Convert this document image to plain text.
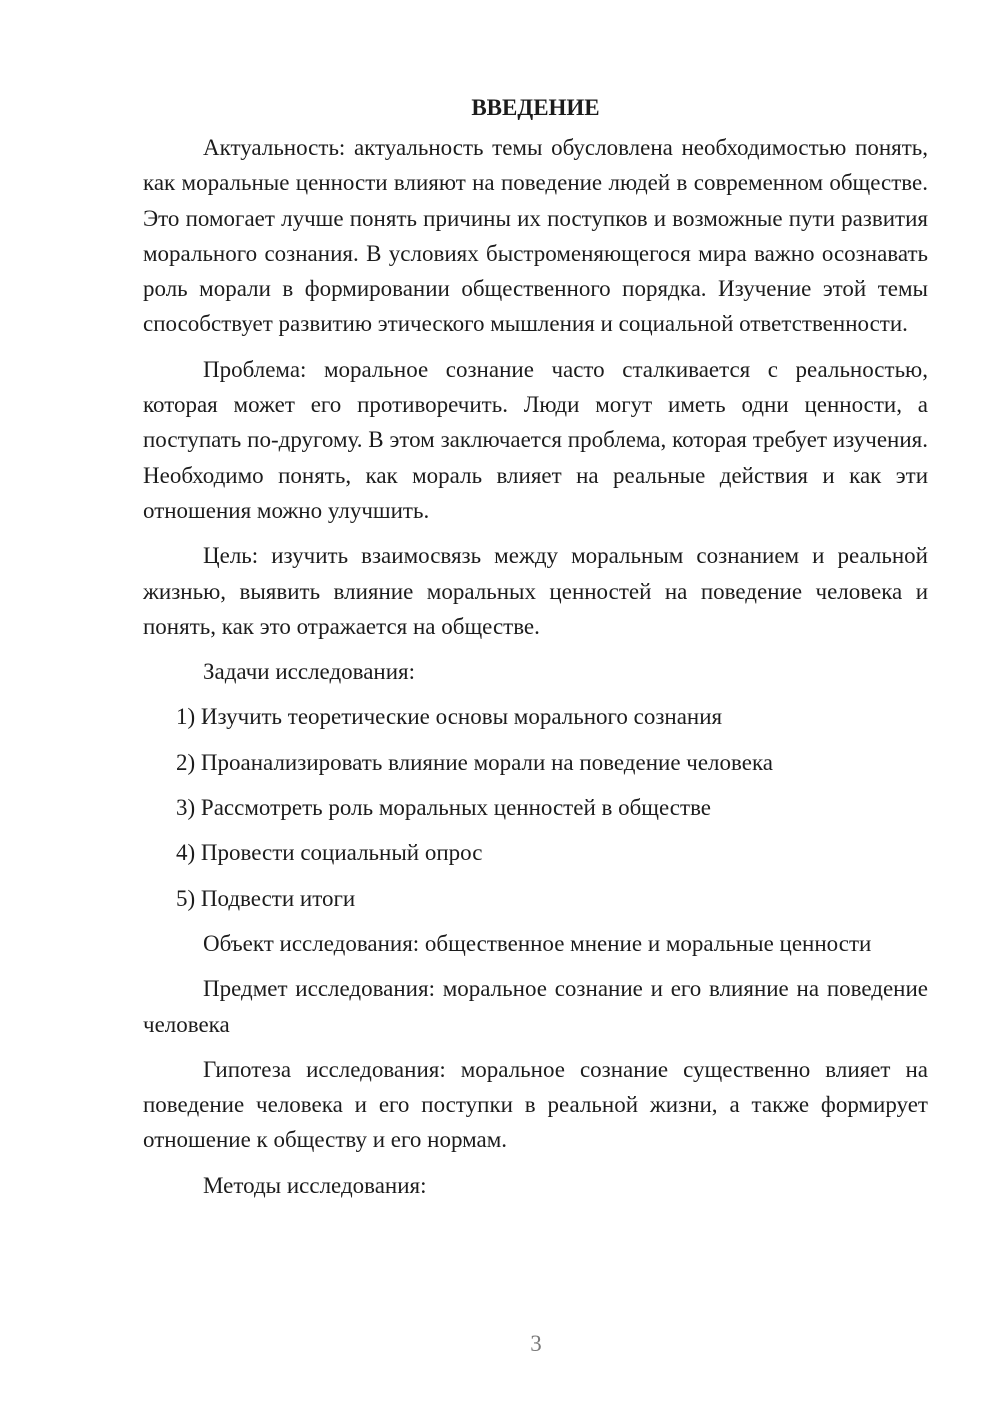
ВВЕДЕНИЕ

Актуальность: актуальность темы обусловлена необходимостью понять, как моральные ценности влияют на поведение людей в современном обществе. Это помогает лучше понять причины их поступков и возможные пути развития морального сознания. В условиях быстроменяющегося мира важно осознавать роль морали в формировании общественного порядка. Изучение этой темы способствует развитию этического мышления и социальной ответственности.

Проблема: моральное сознание часто сталкивается с реальностью, которая может его противоречить. Люди могут иметь одни ценности, а поступать по-другому. В этом заключается проблема, которая требует изучения. Необходимо понять, как мораль влияет на реальные действия и как эти отношения можно улучшить.

Цель: изучить взаимосвязь между моральным сознанием и реальной жизнью, выявить влияние моральных ценностей на поведение человека и понять, как это отражается на обществе.

Задачи исследования:

1) Изучить теоретические основы морального сознания
2) Проанализировать влияние морали на поведение человека
3) Рассмотреть роль моральных ценностей в обществе
4) Провести социальный опрос
5) Подвести итоги

Объект исследования: общественное мнение и моральные ценности

Предмет исследования: моральное сознание и его влияние на поведение человека

Гипотеза исследования: моральное сознание существенно влияет на поведение человека и его поступки в реальной жизни, а также формирует отношение к обществу и его нормам.

Методы исследования:

3
